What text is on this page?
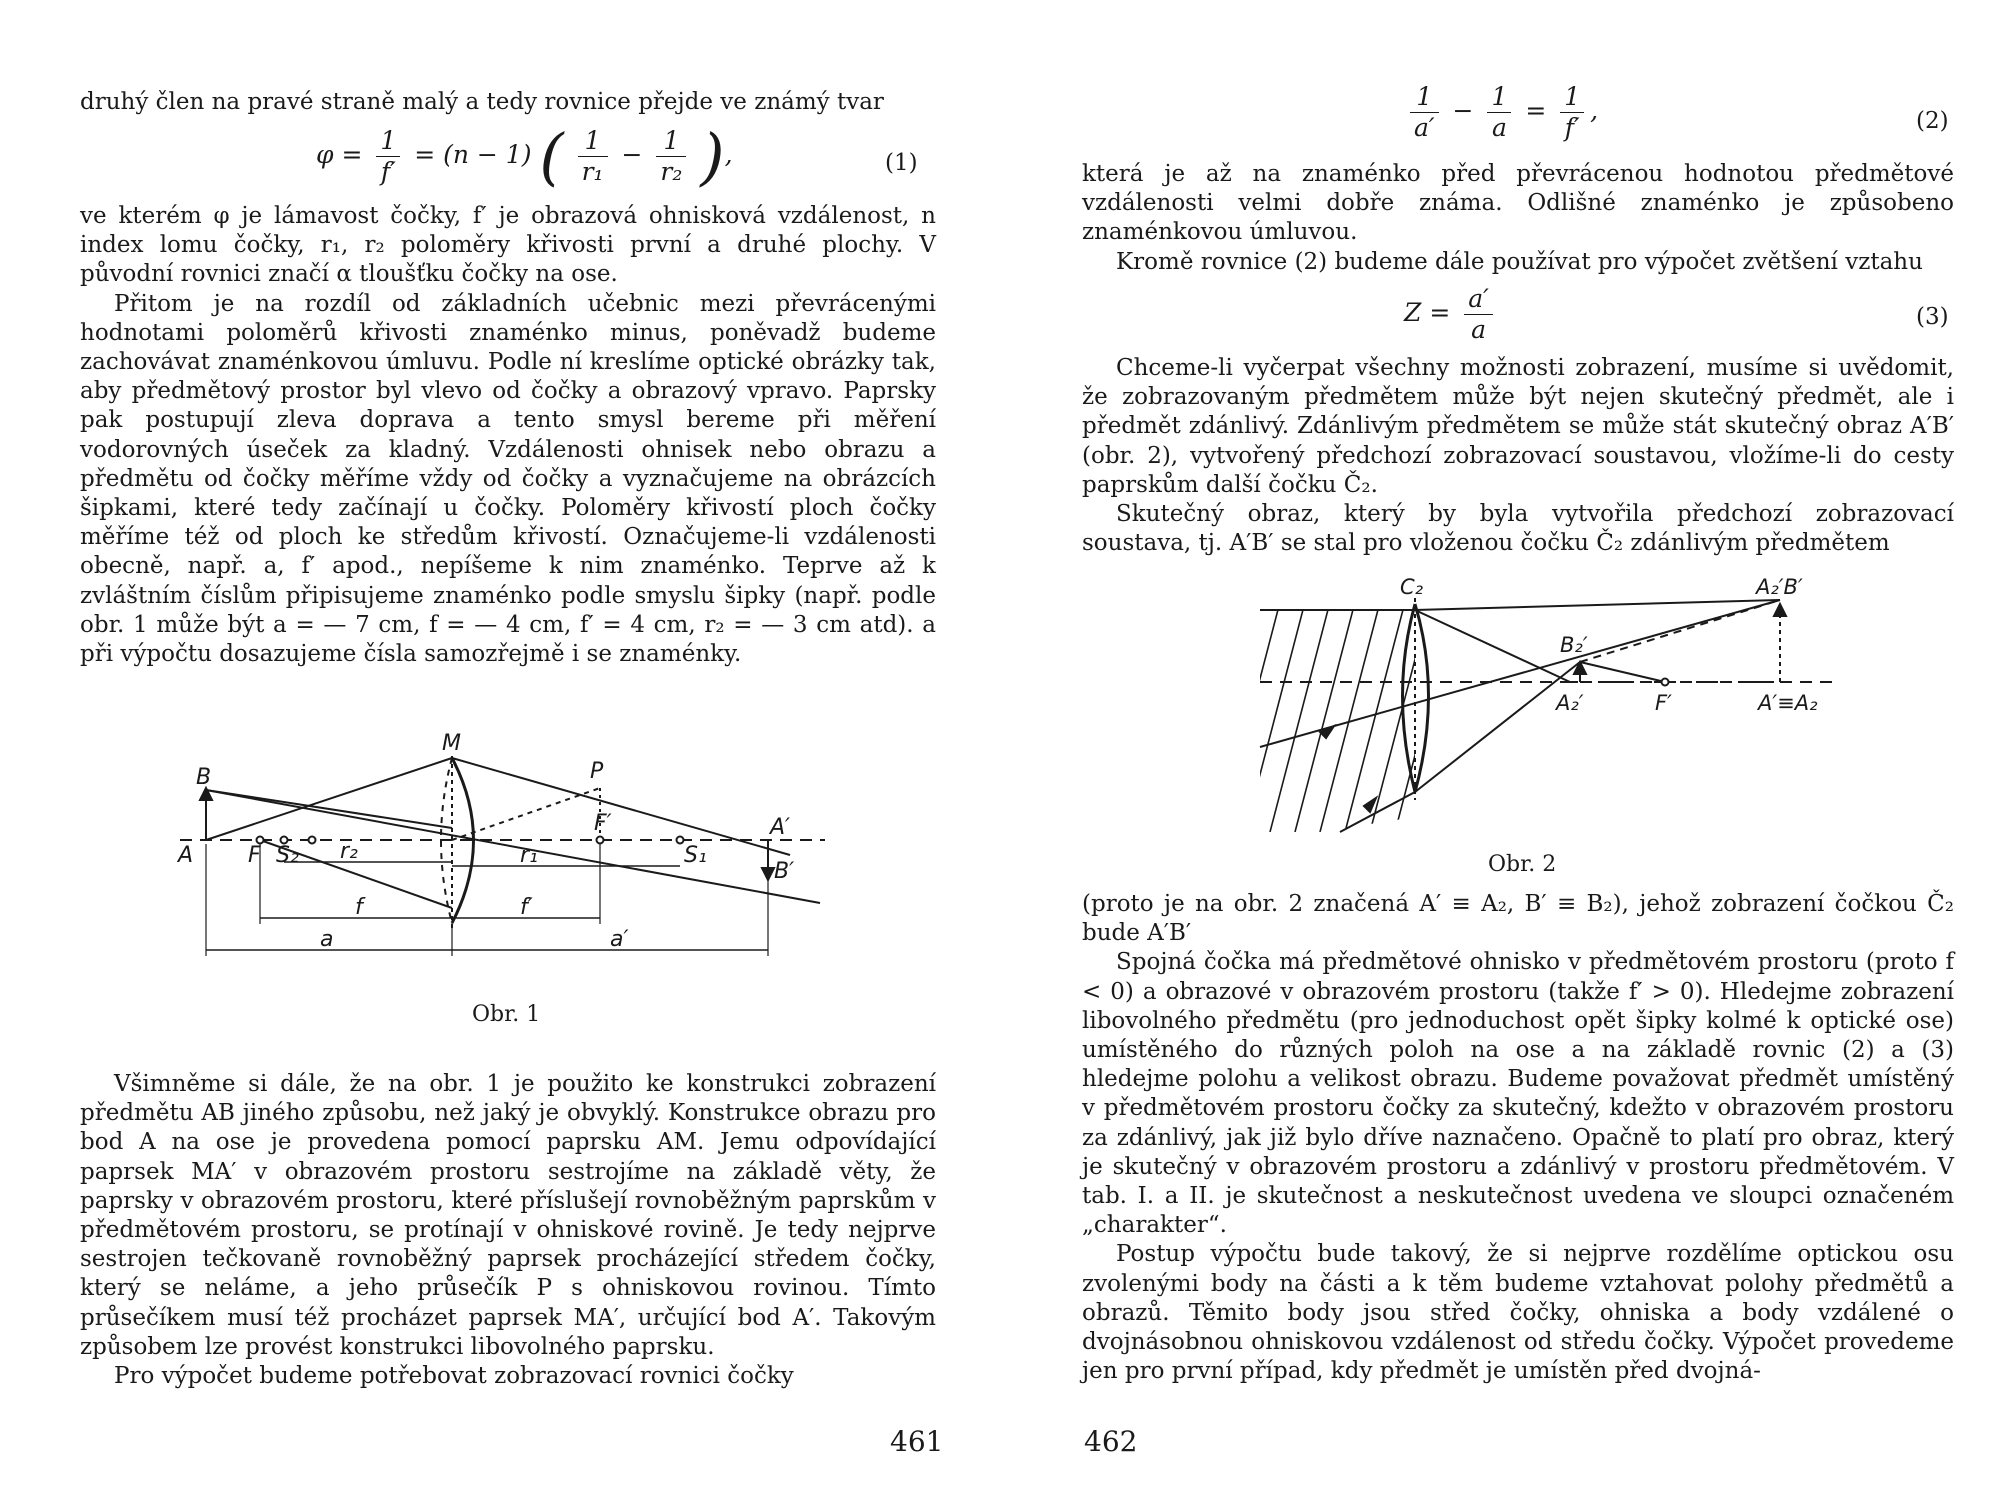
druhý člen na pravé straně malý a tedy rovnice přejde ve známý tvar

$\varphi = \frac{1}{f'} = (n - 1)$ ( $\frac{1}{\text{r₁}} - \frac{1}{\text{r₂}}$ ),	(1)

ve kterém φ je lámavost čočky, f′ je obrazová ohnisková vzdálenost, n index lomu čočky, r₁, r₂ poloměry křivosti první a druhé plochy. V původní rovnici značí α tloušťku čočky na ose.

Přitom je na rozdíl od základních učebnic mezi převrácenými hodnotami poloměrů křivosti znaménko minus, poněvadž budeme zachovávat znaménkovou úmluvu. Podle ní kreslíme optické obrázky tak, aby předmětový prostor byl vlevo od čočky a obrazový vpravo. Paprsky pak postupují zleva doprava a tento smysl bereme při měření vodorovných úseček za kladný. Vzdálenosti ohnisek nebo obrazu a předmětu od čočky měříme vždy od čočky a vyznačujeme na obrázcích šipkami, které tedy začínají u čočky. Poloměry křivostí ploch čočky měříme též od ploch ke středům křivostí. Označujeme-li vzdálenosti obecně, např. a, f′ apod., nepíšeme k nim znaménko. Teprve až k zvláštním číslům připisujeme znaménko podle smyslu šipky (např. podle obr. 1 může být a = — 7 cm, f = — 4 cm, f′ = 4 cm, r₂ = — 3 cm atd). a při výpočtu dosazujeme čísla samozřejmě i se znaménky.

M
P
B
A F S₂ r₂
F′
r₁	S₁
A′
B′
f	f′
a	a′
Obr. 1

Všimněme si dále, že na obr. 1 je použito ke konstrukci zobrazení předmětu AB jiného způsobu, než jaký je obvyklý. Konstrukce obrazu pro bod A na ose je provedena pomocí paprsku AM. Jemu odpovídající paprsek MA′ v obrazovém prostoru sestrojíme na základě věty, že paprsky v obrazovém prostoru, které příslušejí rovnoběžným paprskům v předmětovém prostoru, se protínají v ohniskové rovině. Je tedy nejprve sestrojen tečkovaně rovnoběžný paprsek procházející středem čočky, který se neláme, a jeho průsečík P s ohniskovou rovinou. Tímto průsečíkem musí též procházet paprsek MA′, určující bod A′. Takovým způsobem lze provést konstrukci libovolného paprsku.

Pro výpočet budeme potřebovat zobrazovací rovnici čočky

461
$\frac{1}{a'} - \frac{1}{a} = \frac{1}{f'}$ ,	(2)

která je až na znaménko před převrácenou hodnotou předmětové vzdálenosti velmi dobře známa. Odlišné znaménko je způsobeno znaménkovou úmluvou.

Kromě rovnice (2) budeme dále používat pro výpočet zvětšení vztahu

$Z = \frac{a'}{a}$	(3)

Chceme-li vyčerpat všechny možnosti zobrazení, musíme si uvědomit, že zobrazovaným předmětem může být nejen skutečný předmět, ale i předmět zdánlivý. Zdánlivým předmětem se může stát skutečný obraz A′B′ (obr. 2), vytvořený předchozí zobrazovací soustavou, vložíme-li do cesty paprskům další čočku Č₂.

Skutečný obraz, který by byla vytvořila předchozí zobrazovací soustava, tj. A′B′ se stal pro vloženou čočku Č₂ zdánlivým předmětem

C₂	A₂′B′
B₂′
A₂′	F′	A′≡A₂
Obr. 2

(proto je na obr. 2 značená A′ ≡ A₂, B′ ≡ B₂), jehož zobrazení čočkou Č₂ bude A′B′

Spojná čočka má předmětové ohnisko v předmětovém prostoru (proto f < 0) a obrazové v obrazovém prostoru (takže f′ > 0). Hledejme zobrazení libovolného předmětu (pro jednoduchost opět šipky kolmé k optické ose) umístěného do různých poloh na ose a na základě rovnic (2) a (3) hledejme polohu a velikost obrazu. Budeme považovat předmět umístěný v předmětovém prostoru čočky za skutečný, kdežto v obrazovém prostoru za zdánlivý, jak již bylo dříve naznačeno. Opačně to platí pro obraz, který je skutečný v obrazovém prostoru a zdánlivý v prostoru předmětovém. V tab. I. a II. je skutečnost a neskutečnost uvedena ve sloupci označeném „charakter“.

Postup výpočtu bude takový, že si nejprve rozdělíme optickou osu zvolenými body na části a k těm budeme vztahovat polohy předmětů a obrazů. Těmito body jsou střed čočky, ohniska a body vzdálené o dvojnásobnou ohniskovou vzdálenost od středu čočky. Výpočet provedeme jen pro první případ, kdy předmět je umístěn před dvojná-

462
